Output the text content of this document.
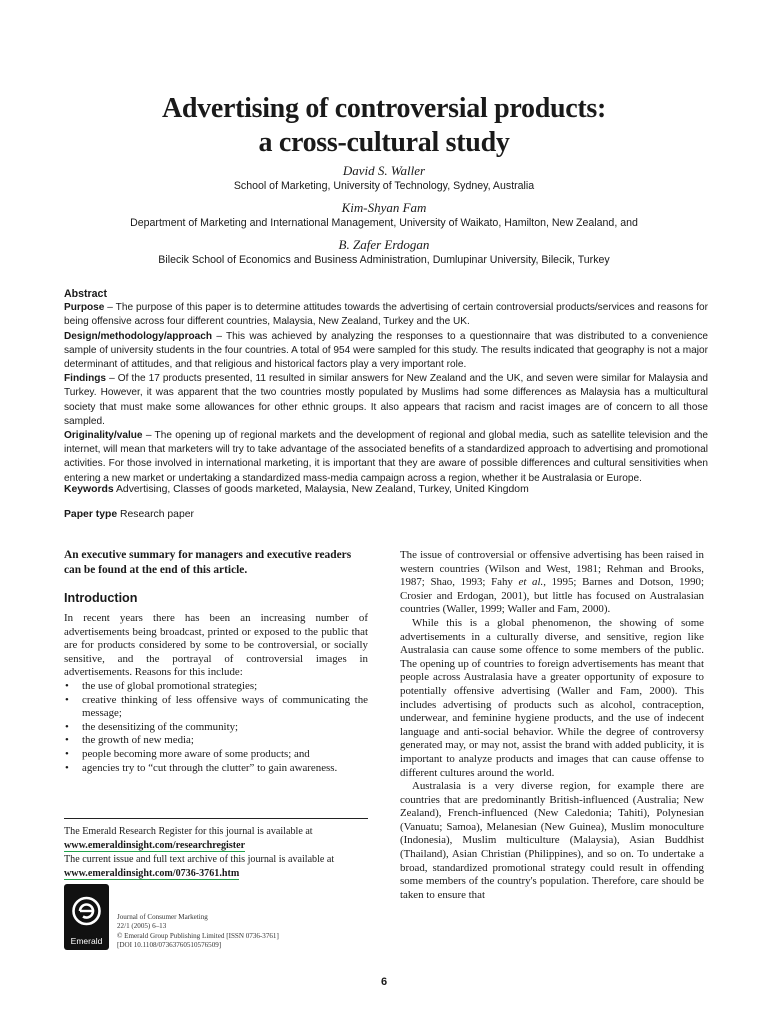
Advertising of controversial products:
a cross-cultural study
David S. Waller
School of Marketing, University of Technology, Sydney, Australia
Kim-Shyan Fam
Department of Marketing and International Management, University of Waikato, Hamilton, New Zealand, and
B. Zafer Erdogan
Bilecik School of Economics and Business Administration, Dumlupinar University, Bilecik, Turkey

Abstract

Purpose – The purpose of this paper is to determine attitudes towards the advertising of certain controversial products/services and reasons for being offensive across four different countries, Malaysia, New Zealand, Turkey and the UK.

Design/methodology/approach – This was achieved by analyzing the responses to a questionnaire that was distributed to a convenience sample of university students in the four countries. A total of 954 were sampled for this study. The results indicated that geography is not a major determinant of attitudes, and that religious and historical factors play a very important role.

Findings – Of the 17 products presented, 11 resulted in similar answers for New Zealand and the UK, and seven were similar for Malaysia and Turkey. However, it was apparent that the two countries mostly populated by Muslims had some differences as Malaysia has a multicultural society that must make some allowances for other ethnic groups. It also appears that racism and racist images are of concern to all those sampled.

Originality/value – The opening up of regional markets and the development of regional and global media, such as satellite television and the internet, will mean that marketers will try to take advantage of the associated benefits of a standardized approach to advertising and promotional activities. For those involved in international marketing, it is important that they are aware of possible differences and cultural sensitivities when entering a new market or undertaking a standardized mass-media campaign across a region, whether it be Australasia or Europe.

Keywords Advertising, Classes of goods marketed, Malaysia, New Zealand, Turkey, United Kingdom
Paper type Research paper

An executive summary for managers and executive readers can be found at the end of this article.

Introduction

In recent years there has been an increasing number of advertisements being broadcast, printed or exposed to the public that are for products considered by some to be controversial, or socially sensitive, and the portrayal of controversial images in advertisements. Reasons for this include:

• the use of global promotional strategies;
• creative thinking of less offensive ways of communicating the message;
• the desensitizing of the community;
• the growth of new media;
• people becoming more aware of some products; and
• agencies try to “cut through the clutter” to gain awareness.

The Emerald Research Register for this journal is available at

www.emeraldinsight.com/researchregister

The current issue and full text archive of this journal is available at

www.emeraldinsight.com/0736-3761.htm

Emerald
Journal of Consumer Marketing
22/1 (2005) 6–13
© Emerald Group Publishing Limited [ISSN 0736-3761]
[DOI 10.1108/07363760510576509]

The issue of controversial or offensive advertising has been raised in western countries (Wilson and West, 1981; Rehman and Brooks, 1987; Shao, 1993; Fahy et al., 1995; Barnes and Dotson, 1990; Crosier and Erdogan, 2001), but little has focused on Australasian countries (Waller, 1999; Waller and Fam, 2000).

While this is a global phenomenon, the showing of some advertisements in a culturally diverse, and sensitive, region like Australasia can cause some offence to some members of the public. The opening up of countries to foreign advertisements has meant that people across Australasia have a greater opportunity of exposure to potentially offensive advertising (Waller and Fam, 2000). This includes advertising of products such as alcohol, contraception, underwear, and feminine hygiene products, and the use of indecent language and anti-social behavior. While the degree of controversy generated may, or may not, assist the brand with added publicity, it is important to analyze products and images that can cause offense to different cultures around the world.

Australasia is a very diverse region, for example there are countries that are predominantly British-influenced (Australia; New Zealand), French-influenced (New Caledonia; Tahiti), Polynesian (Vanuatu; Samoa), Melanesian (New Guinea), Muslim monoculture (Indonesia), Muslim multiculture (Malaysia), Asian Buddhist (Thailand), Asian Christian (Philippines), and so on. To undertake a broad, standardized promotional strategy could result in offending some members of the country's population. Therefore, care should be taken to ensure that

6
